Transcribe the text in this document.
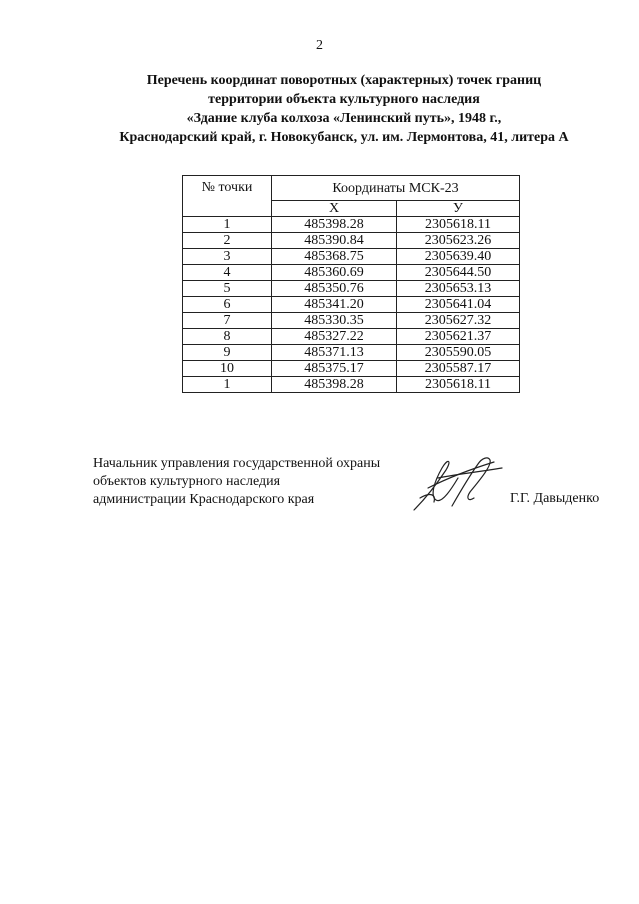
2
Перечень координат поворотных (характерных) точек границ
территории объекта культурного наследия
«Здание клуба колхоза «Ленинский путь», 1948 г.,
Краснодарский край, г. Новокубанск, ул. им. Лермонтова, 41, литера А
№ точки	Координаты МСК-23	
	Х	У
1	485398.28	2305618.11
2	485390.84	2305623.26
3	485368.75	2305639.40
4	485360.69	2305644.50
5	485350.76	2305653.13
6	485341.20	2305641.04
7	485330.35	2305627.32
8	485327.22	2305621.37
9	485371.13	2305590.05
10	485375.17	2305587.17
1	485398.28	2305618.11
Начальник управления государственной охраны
объектов культурного наследия
администрации Краснодарского края	Г.Г. Давыденко
